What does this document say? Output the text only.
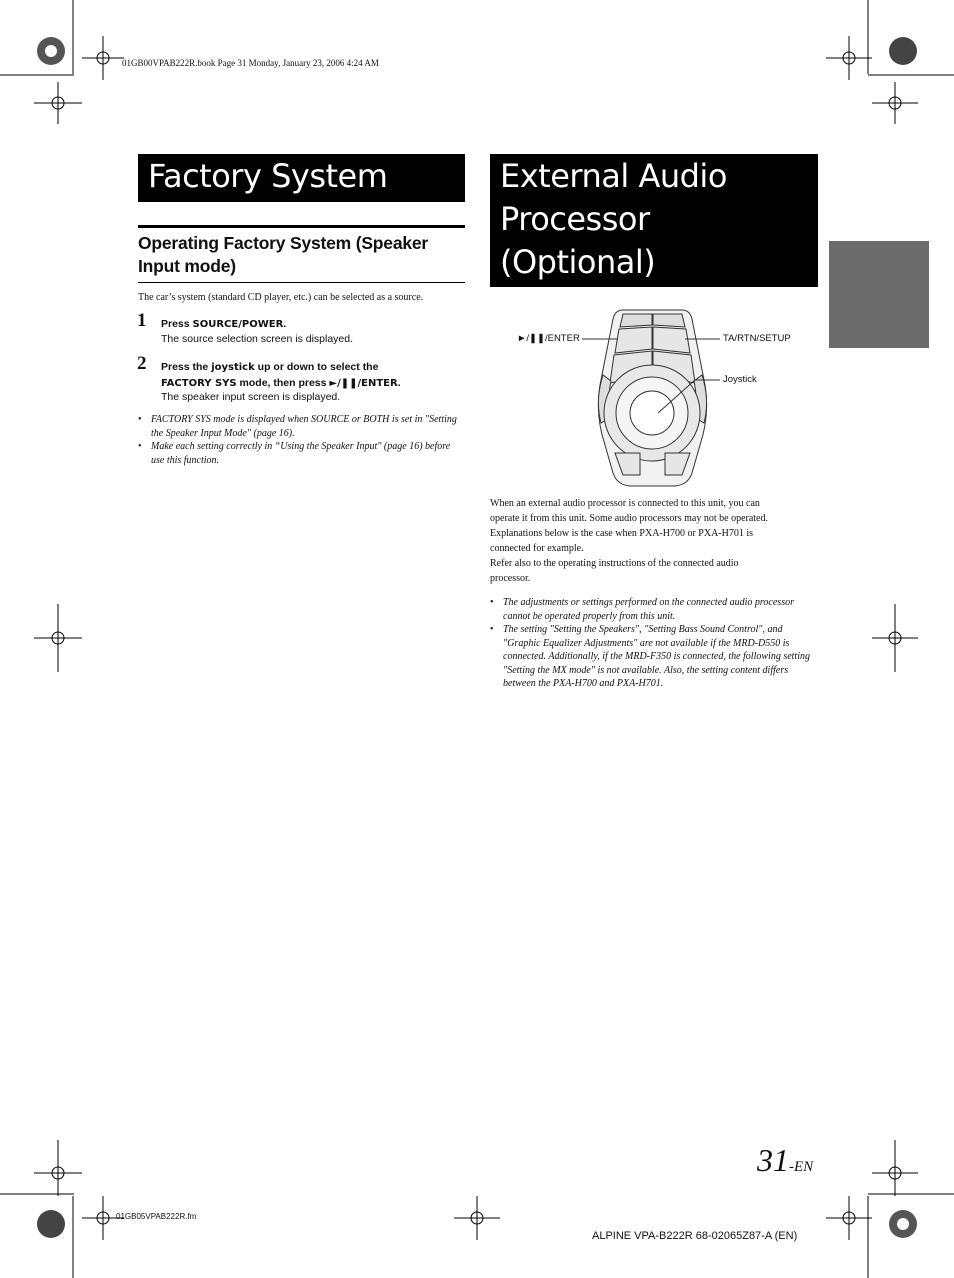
01GB00VPAB222R.book Page 31 Monday, January 23, 2006 4:24 AM
Factory System
Operating Factory System (Speaker Input mode)
The car’s system (standard CD player, etc.) can be selected as a source.
1 Press SOURCE/POWER.
The source selection screen is displayed.
2 Press the joystick up or down to select the
FACTORY SYS mode, then press ►/❚❚/ENTER.
The speaker input screen is displayed.
• FACTORY SYS mode is displayed when SOURCE or BOTH is set in "Setting the Speaker Input Mode" (page 16).
• Make each setting correctly in “Using the Speaker Input" (page 16) before use this function.
External Audio
Processor
(Optional)
►/❚❚/ENTER	TA/RTN/SETUP
Joystick
When an external audio processor is connected to this unit, you can
operate it from this unit. Some audio processors may not be operated.
Explanations below is the case when PXA-H700 or PXA-H701 is
connected for example.
Refer also to the operating instructions of the connected audio
processor.
• The adjustments or settings performed on the connected audio processor cannot be operated properly from this unit.
• The setting "Setting the Speakers", "Setting Bass Sound Control", and "Graphic Equalizer Adjustments" are not available if the MRD-D550 is connected. Additionally, if the MRD-F350 is connected, the following setting "Setting the MX mode" is not available. Also, the setting content differs between the PXA-H700 and PXA-H701.
31-EN
01GB05VPAB222R.fm
ALPINE VPA-B222R 68-02065Z87-A (EN)
